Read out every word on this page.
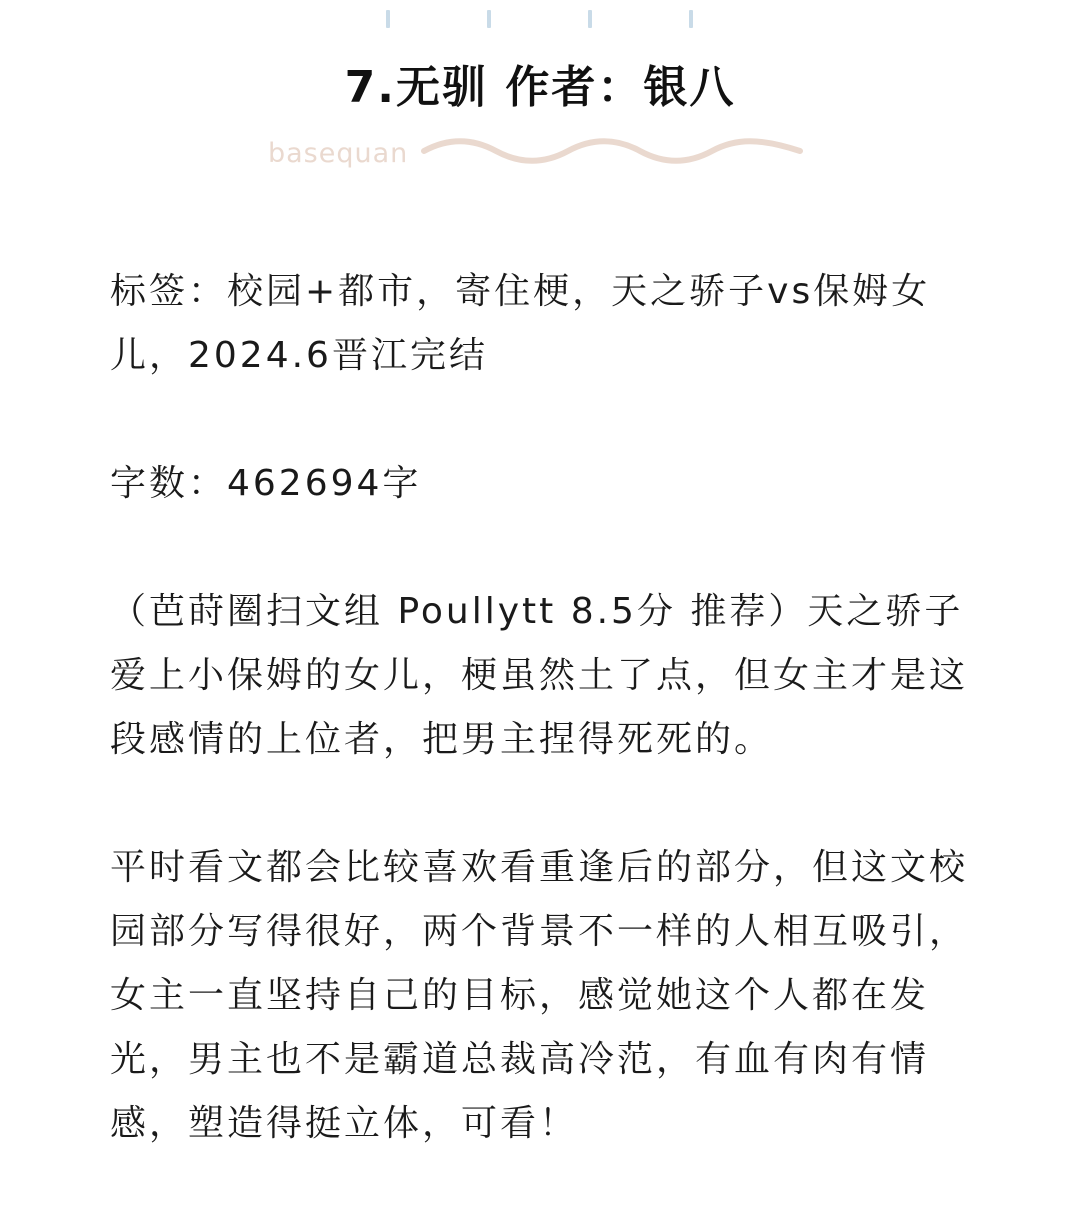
7.无驯 作者：银八
basequan

标签：校园+都市，寄住梗，天之骄子vs保姆女儿，2024.6晋江完结

字数：462694字

（芭莳圈扫文组 Poullytt 8.5分 推荐）天之骄子爱上小保姆的女儿，梗虽然土了点，但女主才是这段感情的上位者，把男主捏得死死的。

平时看文都会比较喜欢看重逢后的部分，但这文校园部分写得很好，两个背景不一样的人相互吸引，女主一直坚持自己的目标，感觉她这个人都在发光，男主也不是霸道总裁高冷范，有血有肉有情感，塑造得挺立体，可看！
